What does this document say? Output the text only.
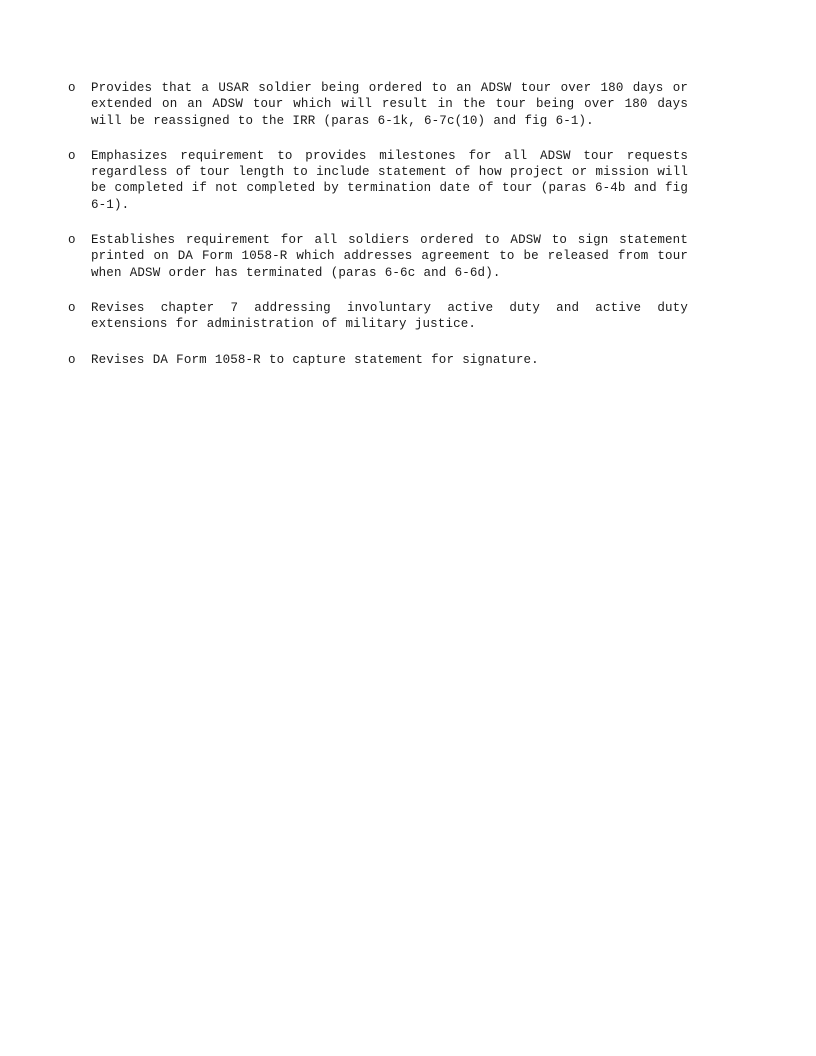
o	Provides that a USAR soldier being ordered to an ADSW tour over 180 days or extended on an ADSW tour which will result in the tour being over 180 days will be reassigned to the IRR (paras 6-1k, 6-7c(10) and fig 6-1).
o	Emphasizes requirement to provides milestones for all ADSW tour requests regardless of tour length to include statement of how project or mission will be completed if not completed by termination date of tour (paras 6-4b and fig 6-1).
o	Establishes requirement for all soldiers ordered to ADSW to sign statement printed on DA Form 1058-R which addresses agreement to be released from tour when ADSW order has terminated (paras 6-6c and 6-6d).
o	Revises chapter 7 addressing involuntary active duty and active duty extensions for administration of military justice.
o	Revises DA Form 1058-R to capture statement for signature.
